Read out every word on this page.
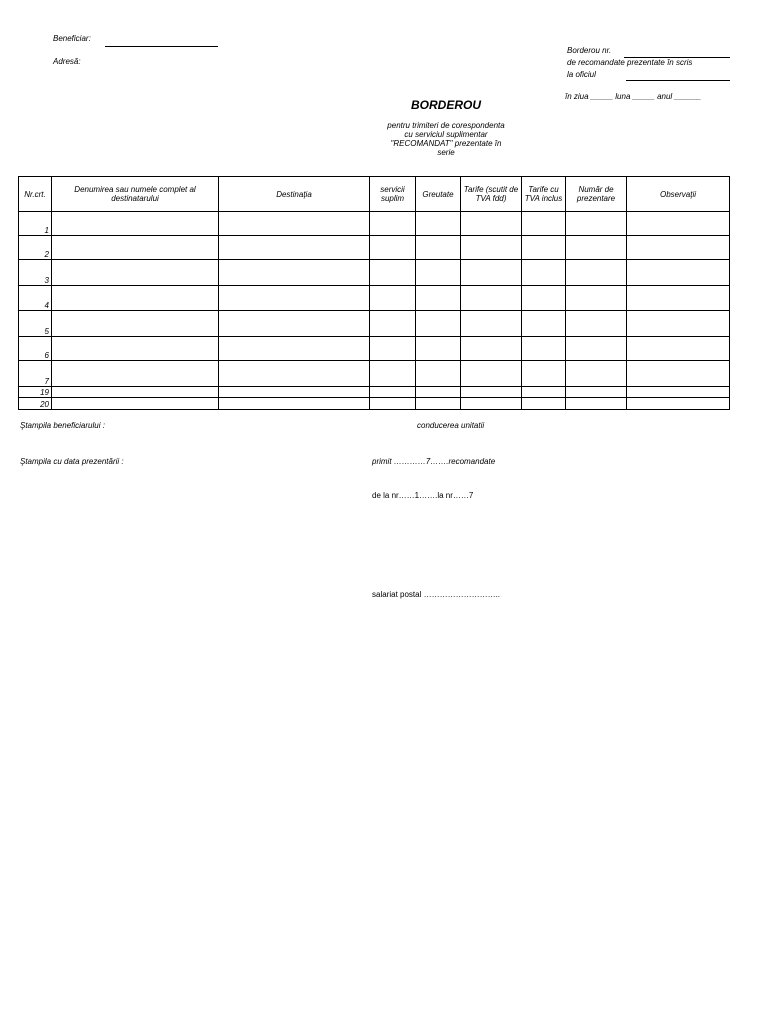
Beneficiar:
Adresă:
Borderou nr.
de recomandate prezentate în scris
la oficiul
în ziua _____ luna _____ anul ______
BORDEROU
pentru trimiteri de corespondenta
cu serviciul suplimentar
"RECOMANDAT" prezentate în
serie
Nr.crt.	Denumirea sau numele complet al destinatarului	Destinaţia	servicii suplim	Greutate	Tarife (scutit de TVA fdd)	Tarife cu TVA inclus	Număr de prezentare	Observaţii
1								
2								
3								
4								
5								
6								
7								
19								
20								
Ştampila beneficiarului :	conducerea unitatii
Ştampila cu data prezentării :	primit …………7…….recomandate
de la nr……1…….la nr……7
salariat postal ………………………..
